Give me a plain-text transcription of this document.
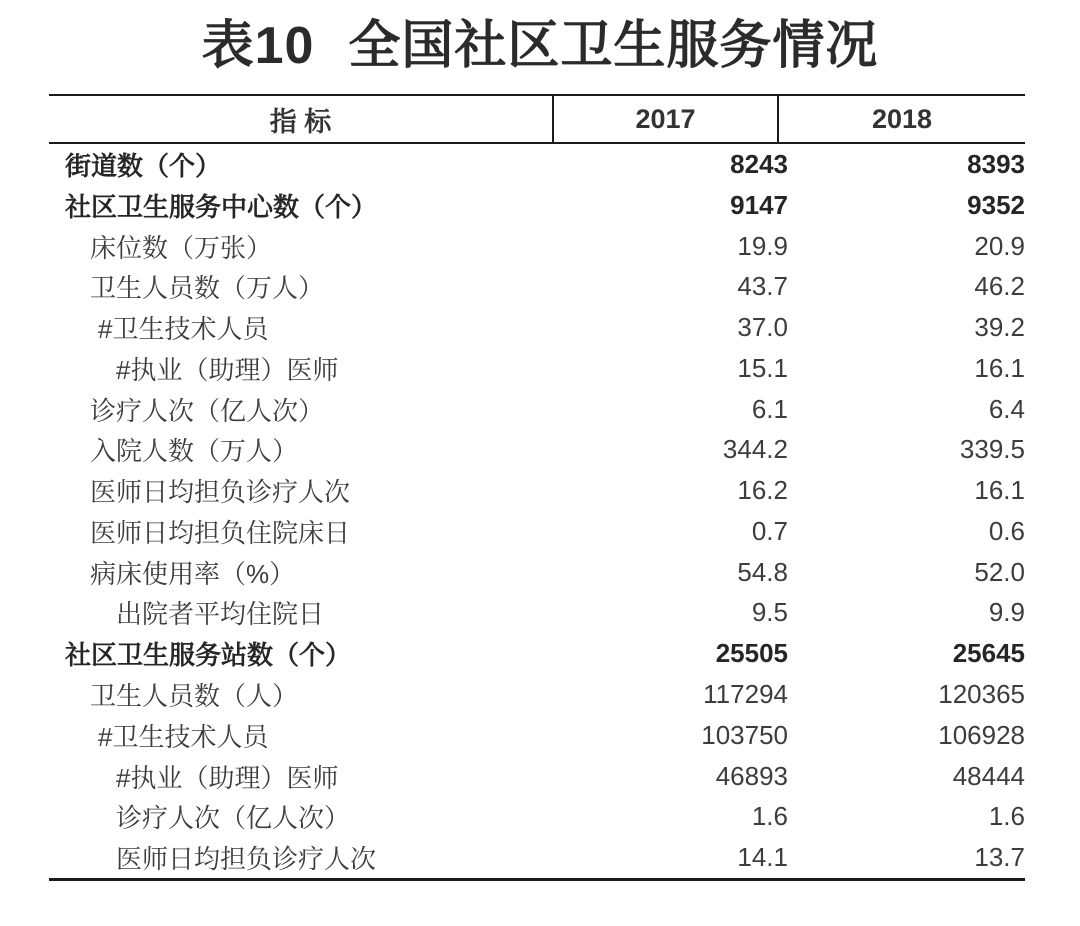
表10 全国社区卫生服务情况
指 标	2017	2018
街道数（个）	8243	8393
社区卫生服务中心数（个）	9147	9352
床位数（万张）	19.9	20.9
卫生人员数（万人）	43.7	46.2
#卫生技术人员	37.0	39.2
#执业（助理）医师	15.1	16.1
诊疗人次（亿人次）	6.1	6.4
入院人数（万人）	344.2	339.5
医师日均担负诊疗人次	16.2	16.1
医师日均担负住院床日	0.7	0.6
病床使用率（%）	54.8	52.0
出院者平均住院日	9.5	9.9
社区卫生服务站数（个）	25505	25645
卫生人员数（人）	117294	120365
#卫生技术人员	103750	106928
#执业（助理）医师	46893	48444
诊疗人次（亿人次）	1.6	1.6
医师日均担负诊疗人次	14.1	13.7
